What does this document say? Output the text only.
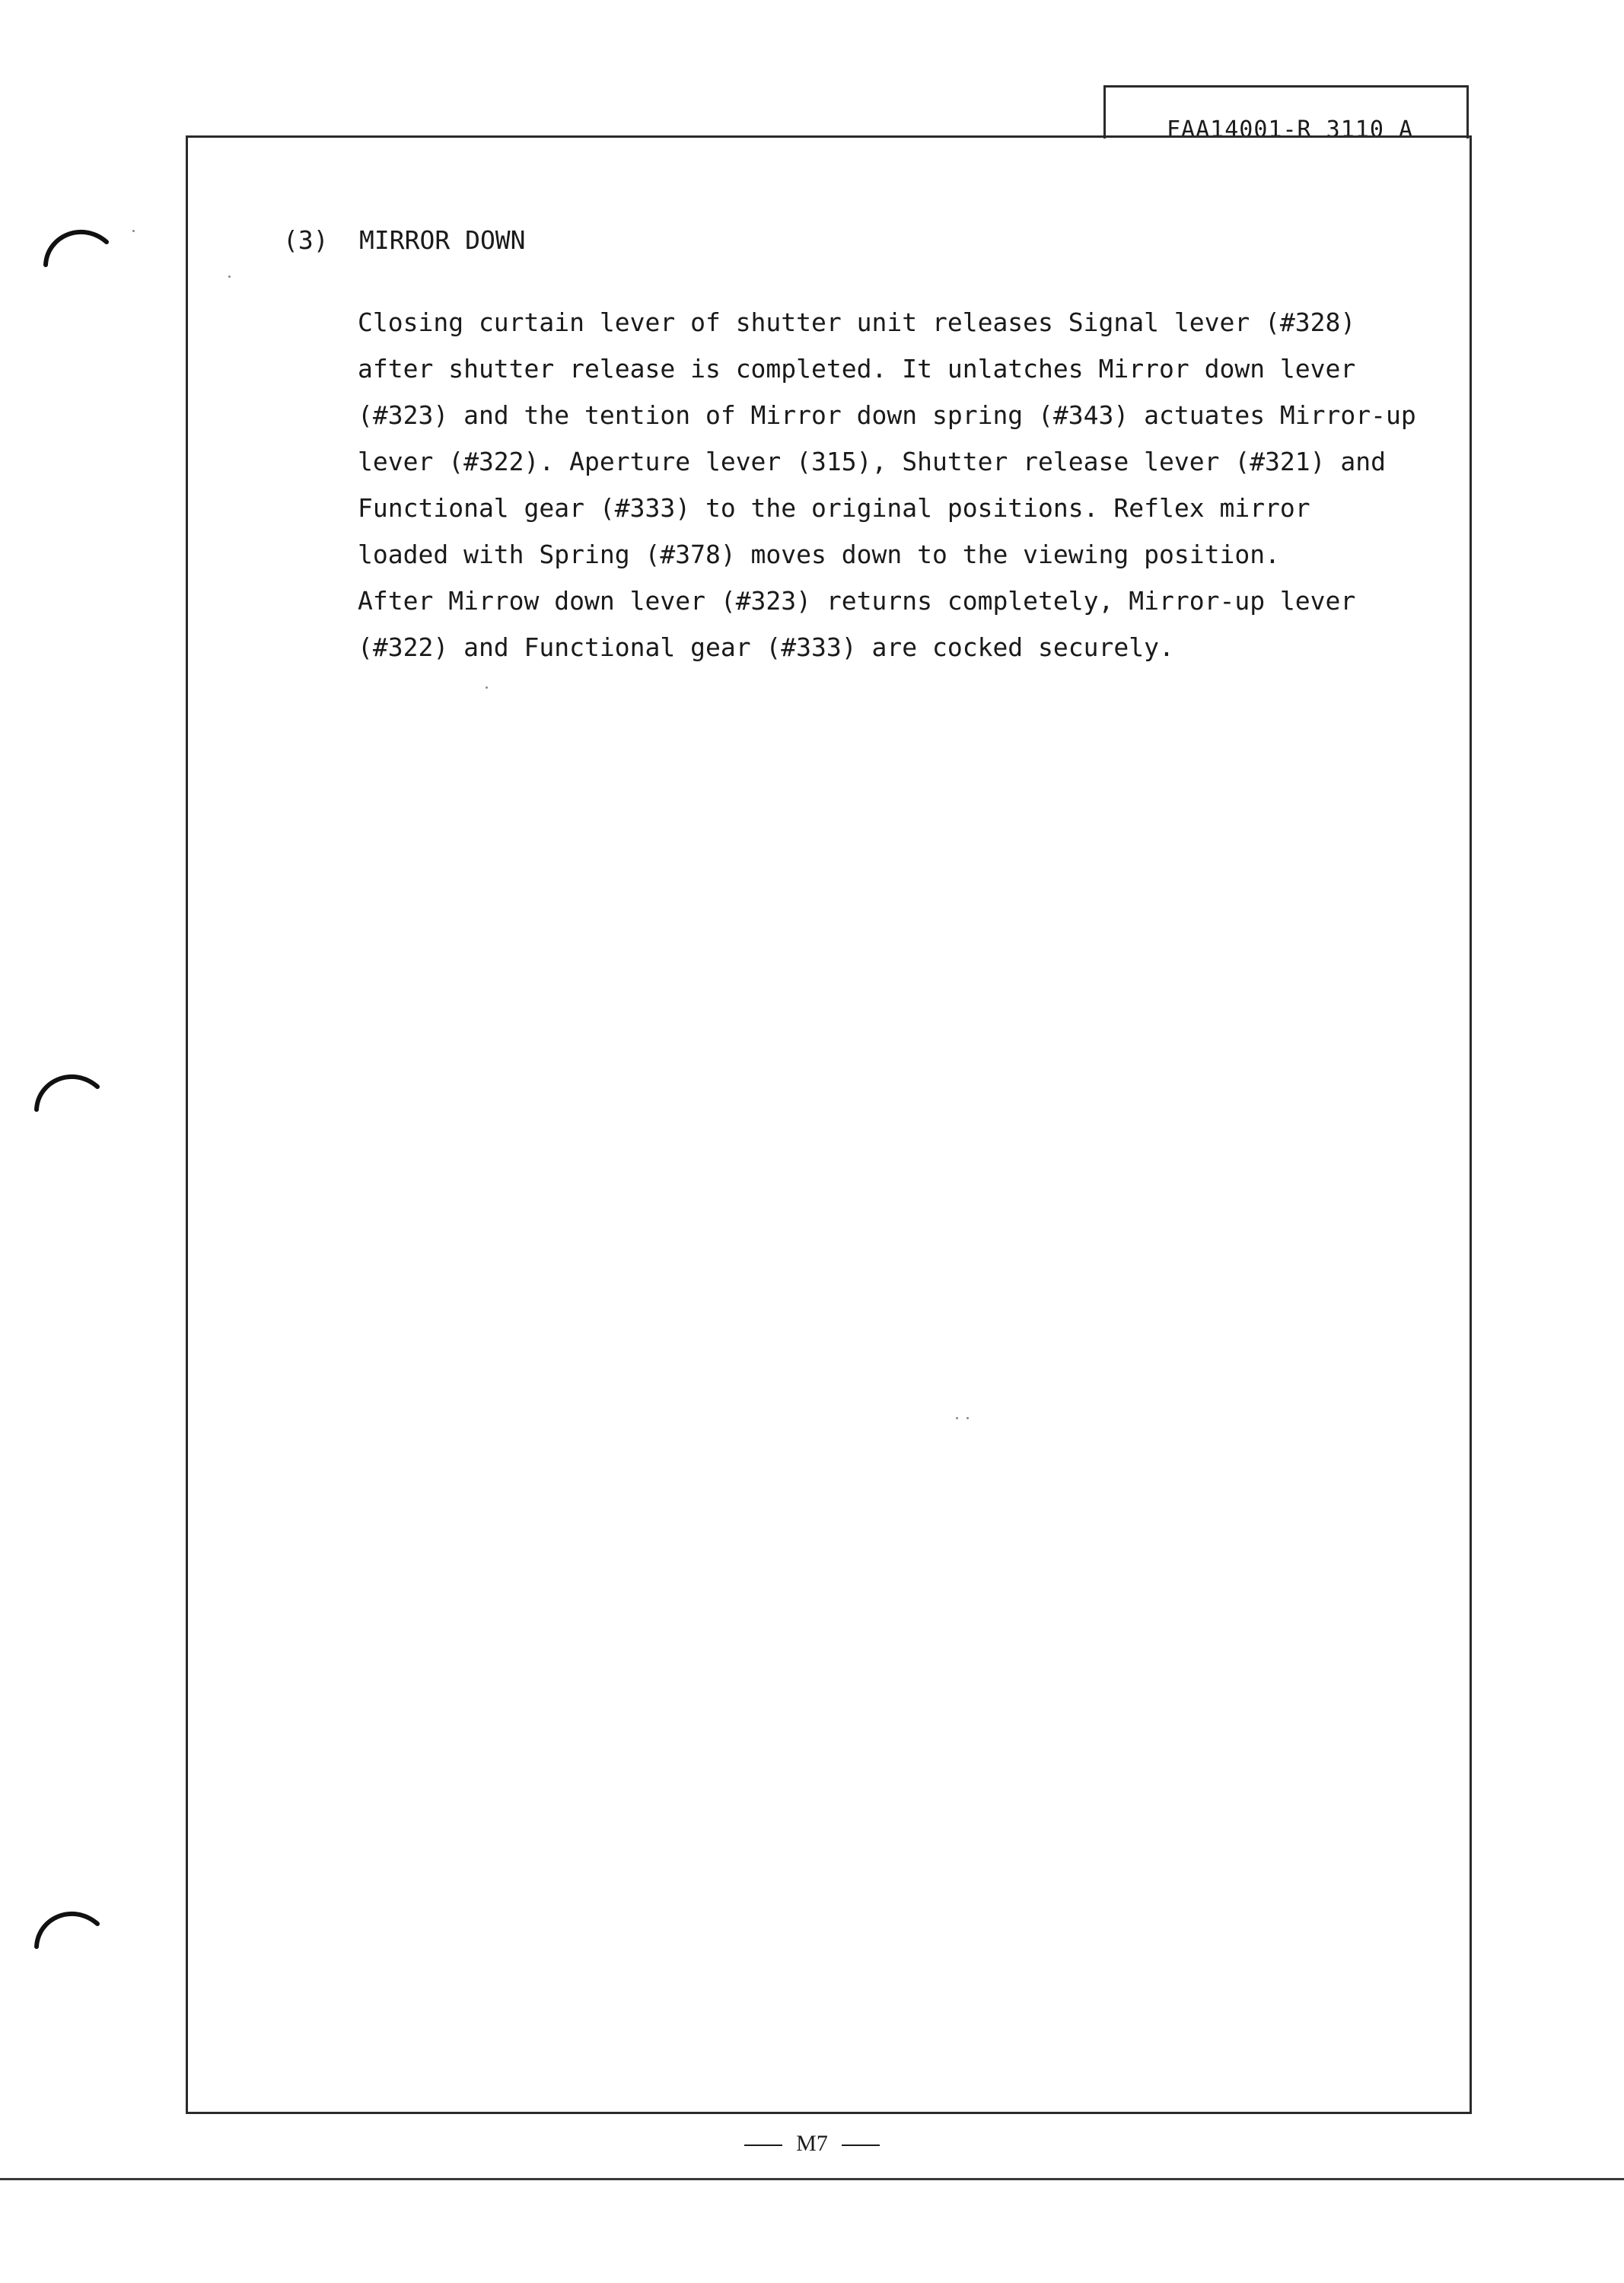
FAA14001-R 3110 A
(3) MIRROR DOWN
Closing curtain lever of shutter unit releases Signal lever (#328)
after shutter release is completed. It unlatches Mirror down lever
(#323) and the tention of Mirror down spring (#343) actuates Mirror-up
lever (#322). Aperture lever (315), Shutter release lever (#321) and
Functional gear (#333) to the original positions. Reflex mirror
loaded with Spring (#378) moves down to the viewing position.
After Mirrow down lever (#323) returns completely, Mirror-up lever
(#322) and Functional gear (#333) are cocked securely.
M7
